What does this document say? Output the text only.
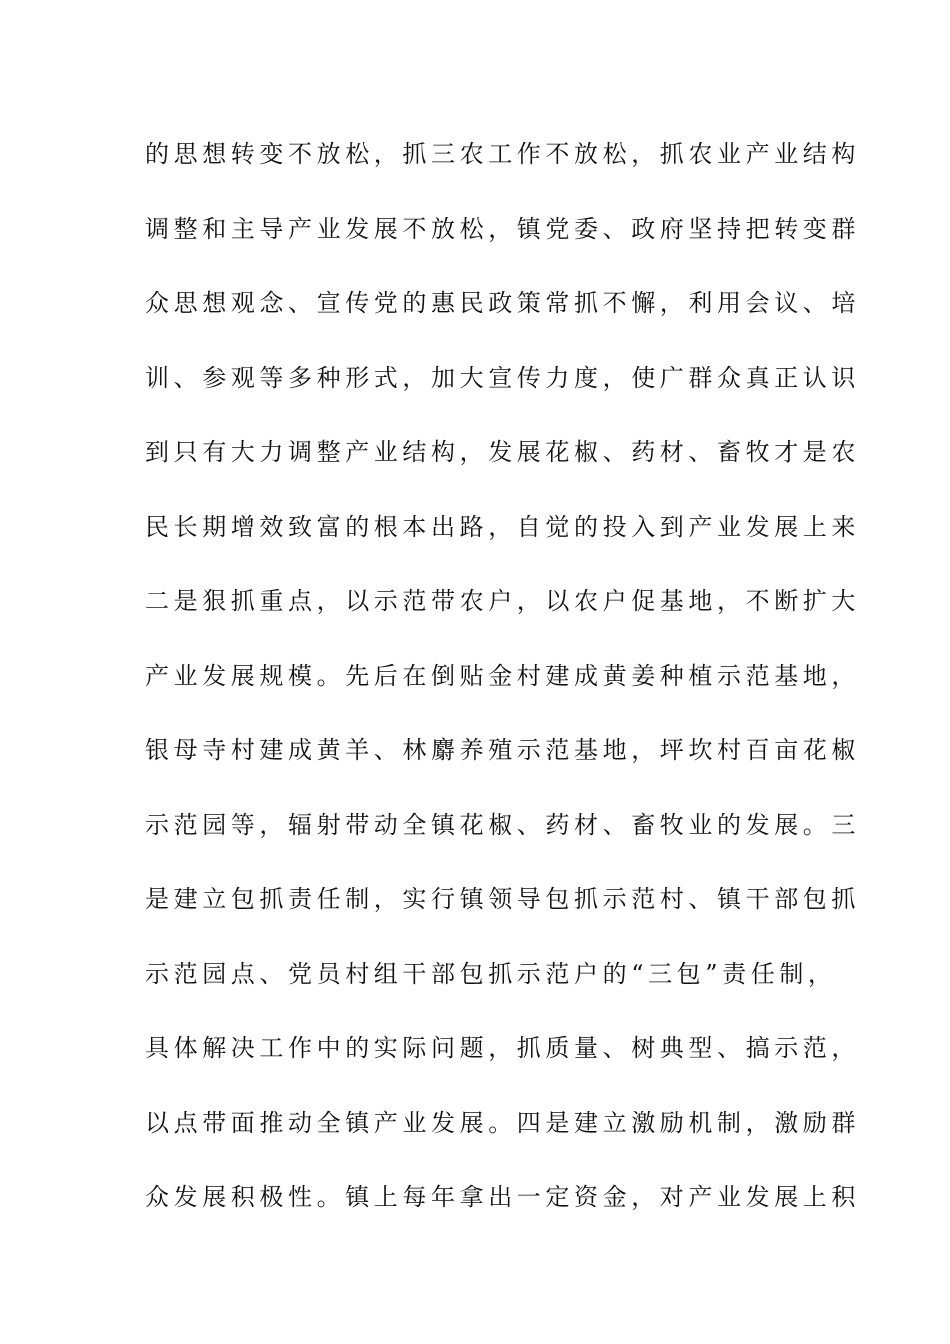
的思想转变不放松，抓三农工作不放松，抓农业产业结构
调整和主导产业发展不放松，镇党委、政府坚持把转变群
众思想观念、宣传党的惠民政策常抓不懈，利用会议、培
训、参观等多种形式，加大宣传力度，使广群众真正认识
到只有大力调整产业结构，发展花椒、药材、畜牧才是农
民长期增效致富的根本出路，自觉的投入到产业发展上来
二是狠抓重点，以示范带农户，以农户促基地，不断扩大
产业发展规模。先后在倒贴金村建成黄姜种植示范基地，
银母寺村建成黄羊、林麝养殖示范基地，坪坎村百亩花椒
示范园等，辐射带动全镇花椒、药材、畜牧业的发展。三
是建立包抓责任制，实行镇领导包抓示范村、镇干部包抓
示范园点、党员村组干部包抓示范户的“三包”责任制，
具体解决工作中的实际问题，抓质量、树典型、搞示范，
以点带面推动全镇产业发展。四是建立激励机制，激励群
众发展积极性。镇上每年拿出一定资金，对产业发展上积
